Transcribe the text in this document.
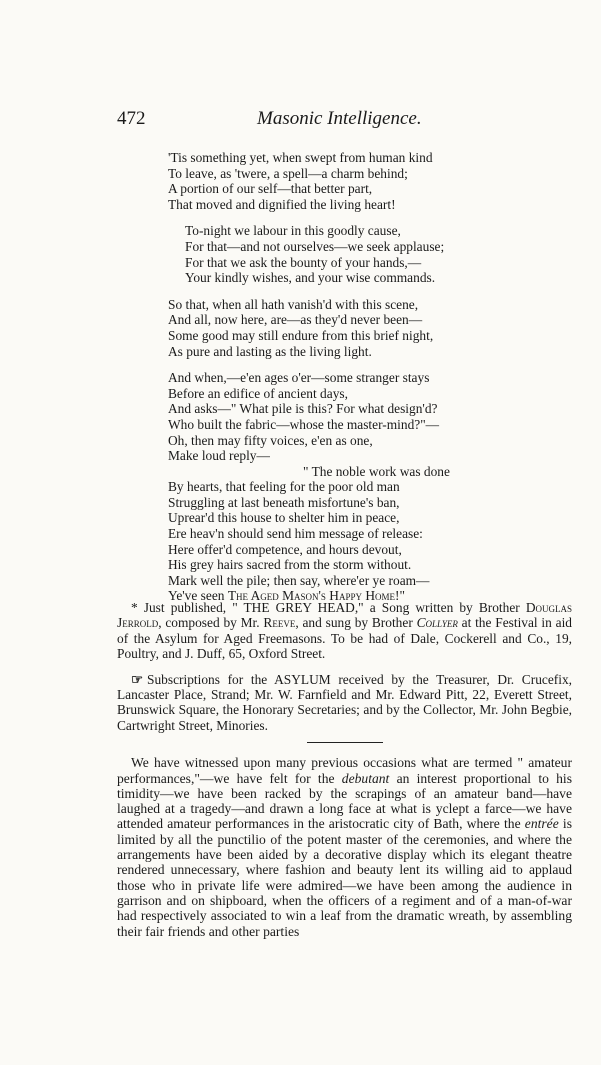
472	Masonic Intelligence.
'Tis something yet, when swept from human kind
To leave, as 'twere, a spell—a charm behind;
A portion of our self—that better part,
That moved and dignified the living heart!
To-night we labour in this goodly cause,
For that—and not ourselves—we seek applause;
For that we ask the bounty of your hands,—
Your kindly wishes, and your wise commands.
So that, when all hath vanish'd with this scene,
And all, now here, are—as they'd never been—
Some good may still endure from this brief night,
As pure and lasting as the living light.
And when,—e'en ages o'er—some stranger stays
Before an edifice of ancient days,
And asks—" What pile is this? For what design'd?
Who built the fabric—whose the master-mind?"—
Oh, then may fifty voices, e'en as one,
Make loud reply—
" The noble work was done
By hearts, that feeling for the poor old man
Struggling at last beneath misfortune's ban,
Uprear'd this house to shelter him in peace,
Ere heav'n should send him message of release:
Here offer'd competence, and hours devout,
His grey hairs sacred from the storm without.
Mark well the pile; then say, where'er ye roam—
Ye've seen The Aged Mason's Happy Home!"

* Just published, " THE GREY HEAD," a Song written by Brother Douglas Jerrold, composed by Mr. Reeve, and sung by Brother Collyer at the Festival in aid of the Asylum for Aged Freemasons. To be had of Dale, Cockerell and Co., 19, Poultry, and J. Duff, 65, Oxford Street.

☞ Subscriptions for the ASYLUM received by the Treasurer, Dr. Crucefix, Lancaster Place, Strand; Mr. W. Farnfield and Mr. Edward Pitt, 22, Everett Street, Brunswick Square, the Honorary Secretaries; and by the Collector, Mr. John Begbie, Cartwright Street, Minories.

We have witnessed upon many previous occasions what are termed " amateur performances,"—we have felt for the debutant an interest proportional to his timidity—we have been racked by the scrapings of an amateur band—have laughed at a tragedy—and drawn a long face at what is yclept a farce—we have attended amateur performances in the aristocratic city of Bath, where the entrée is limited by all the punctilio of the potent master of the ceremonies, and where the arrangements have been aided by a decorative display which its elegant theatre rendered unnecessary, where fashion and beauty lent its willing aid to applaud those who in private life were admired—we have been among the audience in garrison and on shipboard, when the officers of a regiment and of a man-of-war had respectively associated to win a leaf from the dramatic wreath, by assembling their fair friends and other parties
